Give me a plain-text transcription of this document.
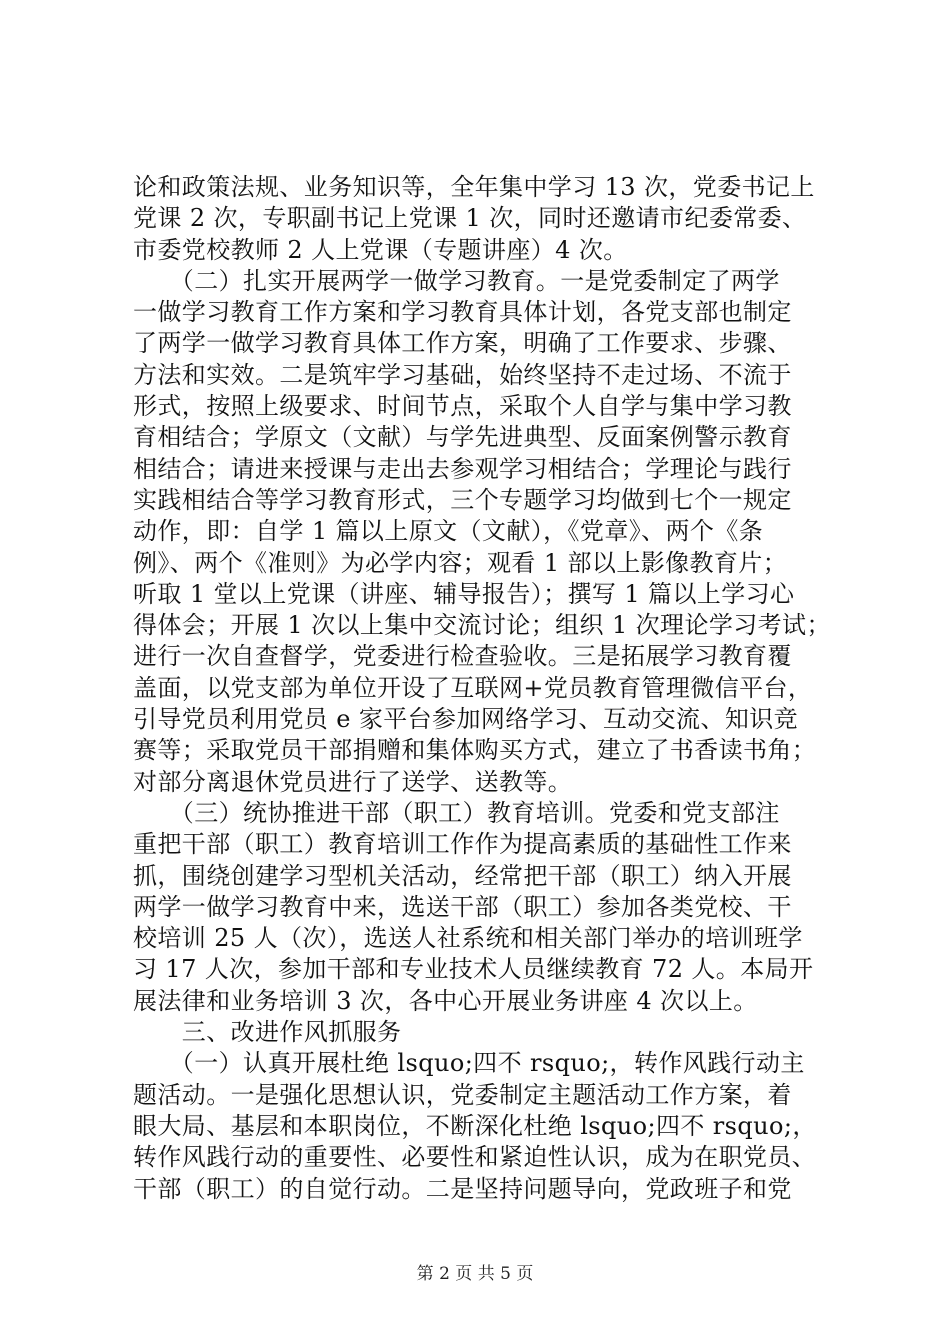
论和政策法规、业务知识等，全年集中学习 13 次，党委书记上
党课 2 次，专职副书记上党课 1 次，同时还邀请市纪委常委、
市委党校教师 2 人上党课（专题讲座）4 次。
　　（二）扎实开展两学一做学习教育。一是党委制定了两学
一做学习教育工作方案和学习教育具体计划，各党支部也制定
了两学一做学习教育具体工作方案，明确了工作要求、步骤、
方法和实效。二是筑牢学习基础，始终坚持不走过场、不流于
形式，按照上级要求、时间节点，采取个人自学与集中学习教
育相结合；学原文（文献）与学先进典型、反面案例警示教育
相结合；请进来授课与走出去参观学习相结合；学理论与践行
实践相结合等学习教育形式，三个专题学习均做到七个一规定
动作，即：自学 1 篇以上原文（文献），《党章》、两个《条
例》、两个《准则》为必学内容；观看 1 部以上影像教育片；
听取 1 堂以上党课（讲座、辅导报告）；撰写 1 篇以上学习心
得体会；开展 1 次以上集中交流讨论；组织 1 次理论学习考试；
进行一次自查督学，党委进行检查验收。三是拓展学习教育覆
盖面，以党支部为单位开设了互联网+党员教育管理微信平台，
引导党员利用党员 e 家平台参加网络学习、互动交流、知识竞
赛等；采取党员干部捐赠和集体购买方式，建立了书香读书角；
对部分离退休党员进行了送学、送教等。
　　（三）统协推进干部（职工）教育培训。党委和党支部注
重把干部（职工）教育培训工作作为提高素质的基础性工作来
抓，围绕创建学习型机关活动，经常把干部（职工）纳入开展
两学一做学习教育中来，选送干部（职工）参加各类党校、干
校培训 25 人（次），选送人社系统和相关部门举办的培训班学
习 17 人次，参加干部和专业技术人员继续教育 72 人。本局开
展法律和业务培训 3 次，各中心开展业务讲座 4 次以上。
　　三、改进作风抓服务
　　（一）认真开展杜绝 lsquo;四不 rsquo;，转作风践行动主
题活动。一是强化思想认识，党委制定主题活动工作方案，着
眼大局、基层和本职岗位，不断深化杜绝 lsquo;四不 rsquo;，
转作风践行动的重要性、必要性和紧迫性认识，成为在职党员、
干部（职工）的自觉行动。二是坚持问题导向，党政班子和党
第 2 页 共 5 页
